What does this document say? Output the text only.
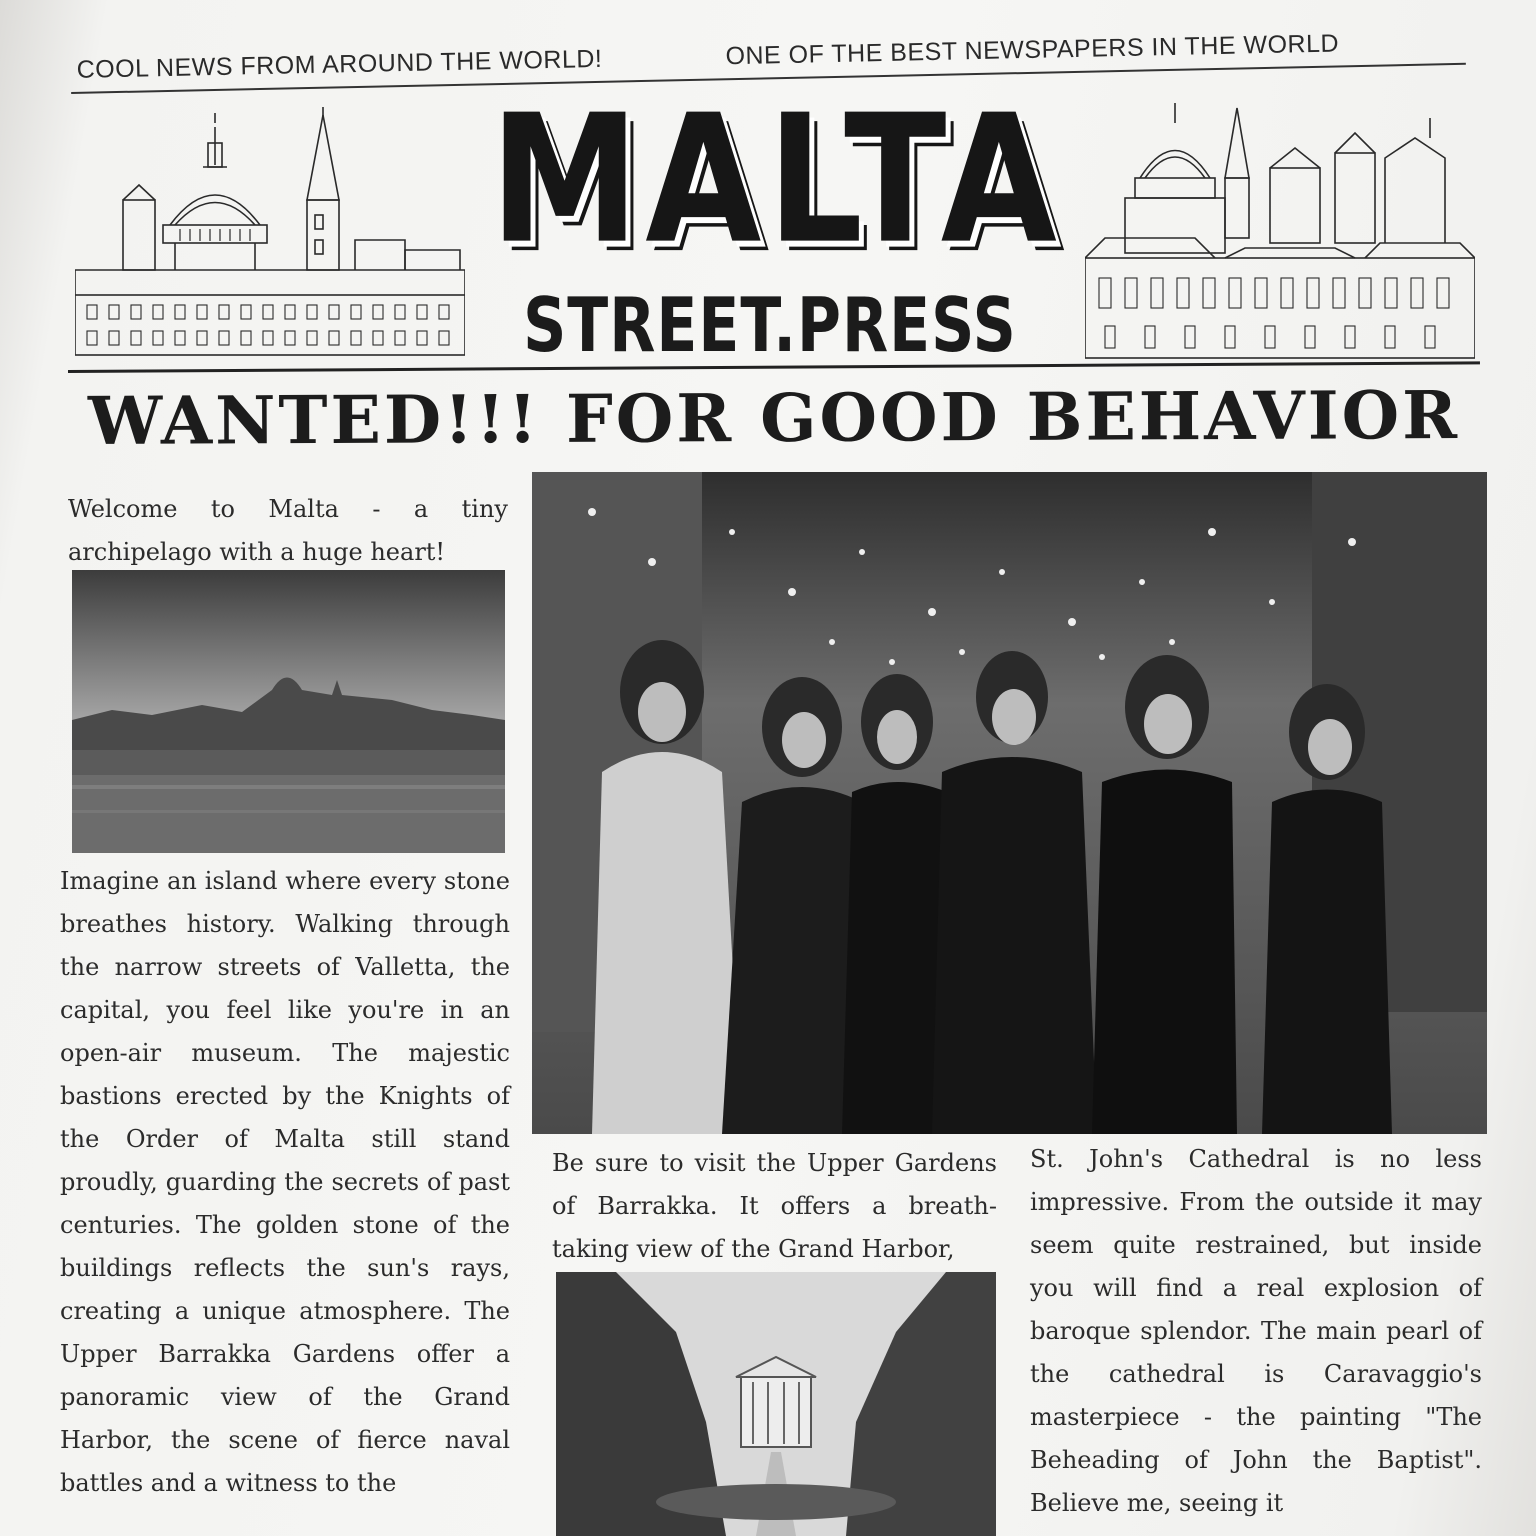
COOL NEWS FROM AROUND THE WORLD!	ONE OF THE BEST NEWSPAPERS IN THE WORLD
MALTA
STREET.PRESS
WANTED!!! FOR GOOD BEHAVIOR
Welcome to Malta - a tiny archipelago with a huge heart!
Imagine an island where every stone breathes history. Walking through the narrow streets of Valletta, the capital, you feel like you're in an open-air museum. The majestic bastions erected by the Knights of the Order of Malta still stand proudly, guarding the secrets of past centuries. The golden stone of the buildings reflects the sun's rays, creating a unique atmosphere. The Upper Barrakka Gardens offer a panoramic view of the Grand Harbor, the scene of fierce naval battles and a witness to the
Be sure to visit the Upper Gardens of Barrakka. It offers a breath-taking view of the Grand Harbor,
St. John's Cathedral is no less impressive. From the outside it may seem quite restrained, but inside you will find a real explosion of baroque splendor. The main pearl of the cathedral is Caravaggio's masterpiece - the painting "The Beheading of John the Baptist". Believe me, seeing it
